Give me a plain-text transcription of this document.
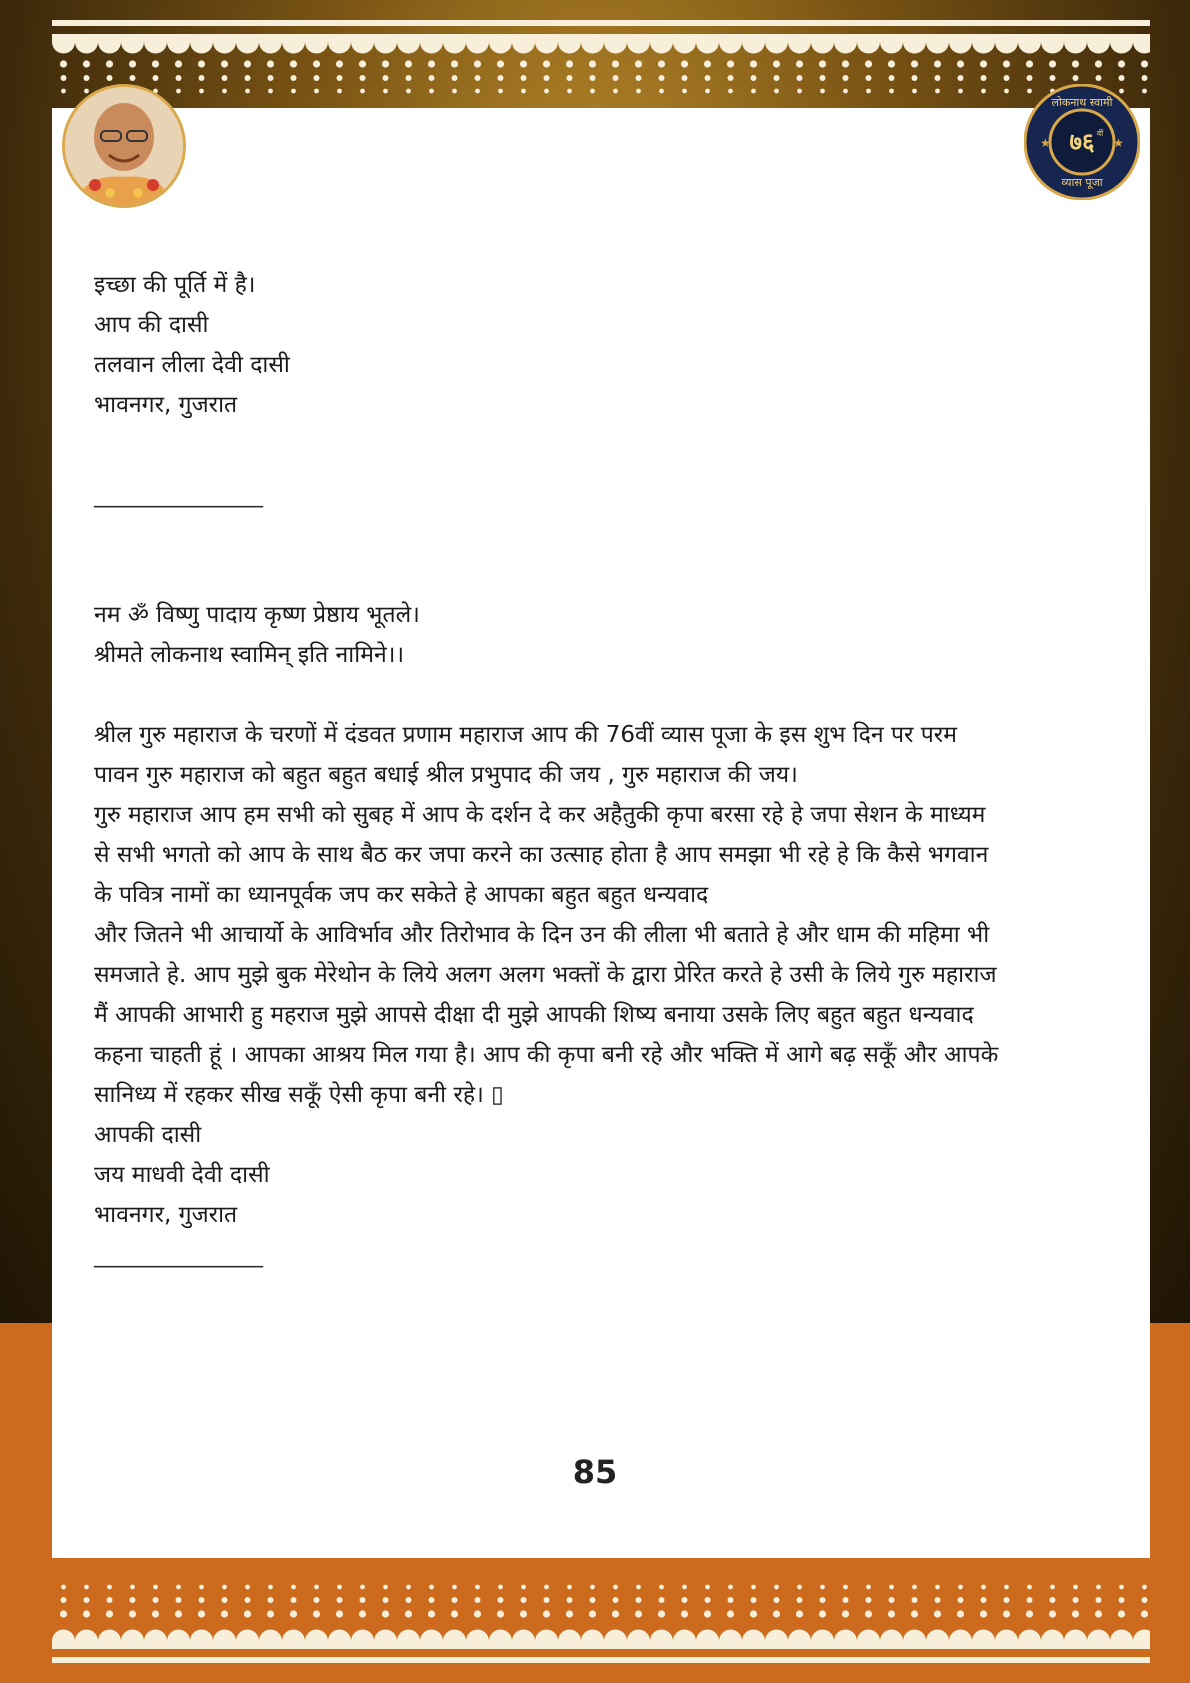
★	★
७६ वीं
लोकनाथ स्वामी
व्यास पूजा

इच्छा की पूर्ति में है।

आप की दासी

तलवान लीला देवी दासी

भावनगर, गुजरात

________________

नम ॐ विष्णु पादाय कृष्ण प्रेष्ठाय भूतले।

श्रीमते लोकनाथ स्वामिन् इति नामिने।।

श्रील गुरु महाराज के चरणों में दंडवत प्रणाम महाराज आप की 76वीं व्यास पूजा के इस शुभ दिन पर परम

पावन गुरु महाराज को बहुत बहुत बधाई श्रील प्रभुपाद की जय , गुरु महाराज की जय।

गुरु महाराज आप हम सभी को सुबह में आप के दर्शन दे कर अहैतुकी कृपा बरसा रहे हे जपा सेशन के माध्यम

से सभी भगतो को आप के साथ बैठ कर जपा करने का उत्साह होता है आप समझा भी रहे हे कि कैसे भगवान

के पवित्र नामों का ध्यानपूर्वक जप कर सकेते हे आपका बहुत बहुत धन्यवाद

और जितने भी आचार्यो के आविर्भाव और तिरोभाव के दिन उन की लीला भी बताते हे और धाम की महिमा भी

समजाते हे. आप मुझे बुक मेरेथोन के लिये अलग अलग भक्तों के द्वारा प्रेरित करते हे उसी के लिये गुरु महाराज

मैं आपकी आभारी हु महराज मुझे आपसे दीक्षा दी मुझे आपकी शिष्य बनाया उसके लिए बहुत बहुत धन्यवाद

कहना चाहती हूं । आपका आश्रय मिल गया है। आप की कृपा बनी रहे और भक्ति में आगे बढ़ सकूँ और आपके

सानिध्य में रहकर सीख सकूँ ऐसी कृपा बनी रहे। ▯

आपकी दासी

जय माधवी देवी दासी

भावनगर, गुजरात

________________

85
